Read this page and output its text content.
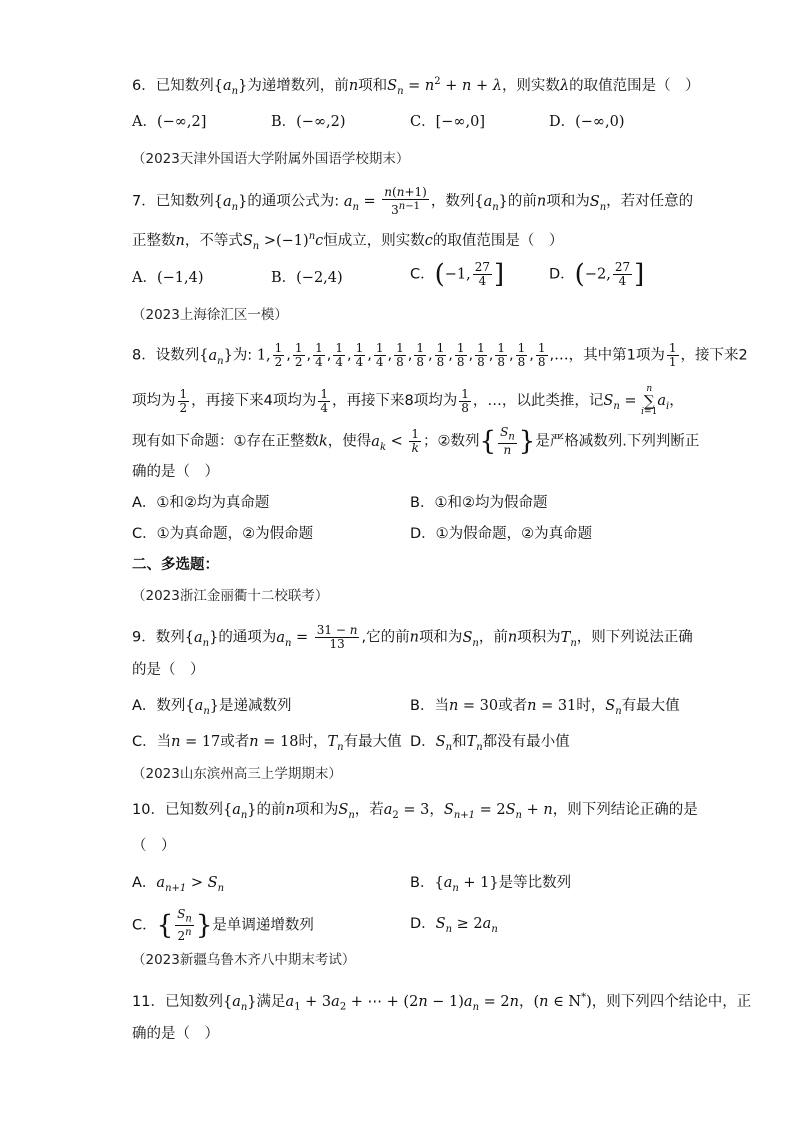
6．已知数列$\{a_n\}$为递增数列，前n项和$S_n = n^2 + n + \lambda$，则实数λ的取值范围是（　）
A．(−∞,2]	B．(−∞,2)	C．[−∞,0]	D．(−∞,0)
（2023天津外国语大学附属外国语学校期末）
7．已知数列$\{a_n\}$的通项公式为: $a_n = \frac{n(n+1)}{3^{n-1}}$ ，数列$\{a_n\}$的前n项和为$S_n$，若对任意的
正整数n，不等式$S_n >(-1)^nc$恒成立，则实数c的取值范围是（　）
A．(−1,4)	B．(−2,4)	C．(−1, $\frac{27}{4}$ ]	D．(−2, $\frac{27}{4}$ ]
（2023上海徐汇区一模）
8．设数列$\{a_n\}$为: 1, $\frac{1}{2}$ , $\frac{1}{2}$ , $\frac{1}{4}$ , $\frac{1}{4}$ , $\frac{1}{4}$ , $\frac{1}{4}$ , $\frac{1}{8}$ , $\frac{1}{8}$ , $\frac{1}{8}$ , $\frac{1}{8}$ , $\frac{1}{8}$ , $\frac{1}{8}$ , $\frac{1}{8}$ , $\frac{1}{8}$ ,…，其中第1项为 $\frac{1}{1}$ ，接下来2
项均为 $\frac{1}{2}$ ，再接下来4项均为 $\frac{1}{4}$ ，再接下来8项均为 $\frac{1}{8}$ ，…，以此类推，记$S_n = n$
∑
$i=1a_i$，
现有如下命题：①存在正整数k，使得$a_k < \frac{1}{k}$ ；②数列{ $\frac{S_n}{n}$ }是严格减数列.下列判断正
确的是（　）
A．①和②均为真命题	B．①和②均为假命题
C．①为真命题，②为假命题	D．①为假命题，②为真命题
二、多选题：
（2023浙江金丽衢十二校联考）
9．数列$\{a_n\}$的通项为$a_n = \frac{31 - n}{13}$ ,它的前n项和为$S_n$，前n项积为$T_n$，则下列说法正确
的是（　）
A．数列$\{a_n\}$是递减数列	B．当n = 30或者n = 31时，$S_n$有最大值
C．当n = 17或者n = 18时，$T_n$有最大值 D．$S_n$和$T_n$都没有最小值
（2023山东滨州高三上学期期末）
10．已知数列$\{a_n\}$的前n项和为$S_n$，若$a_2 = 3$，$S_{n+1} = 2S_n + n$，则下列结论正确的是
（　）
A．$a_{n+1} > S_n$	B．$\{a_n + 1\}$是等比数列
C．{ $\frac{S_n}{2^n}$ }是单调递增数列	D．$S_n \ge 2a_n$
（2023新疆乌鲁木齐八中期末考试）
11．已知数列$\{a_n\}$满足$a_1 + 3a_2$ + ⋯ + $(2n - 1)a_n = 2n$，(n ∈ N*)，则下列四个结论中，正
确的是（　）
